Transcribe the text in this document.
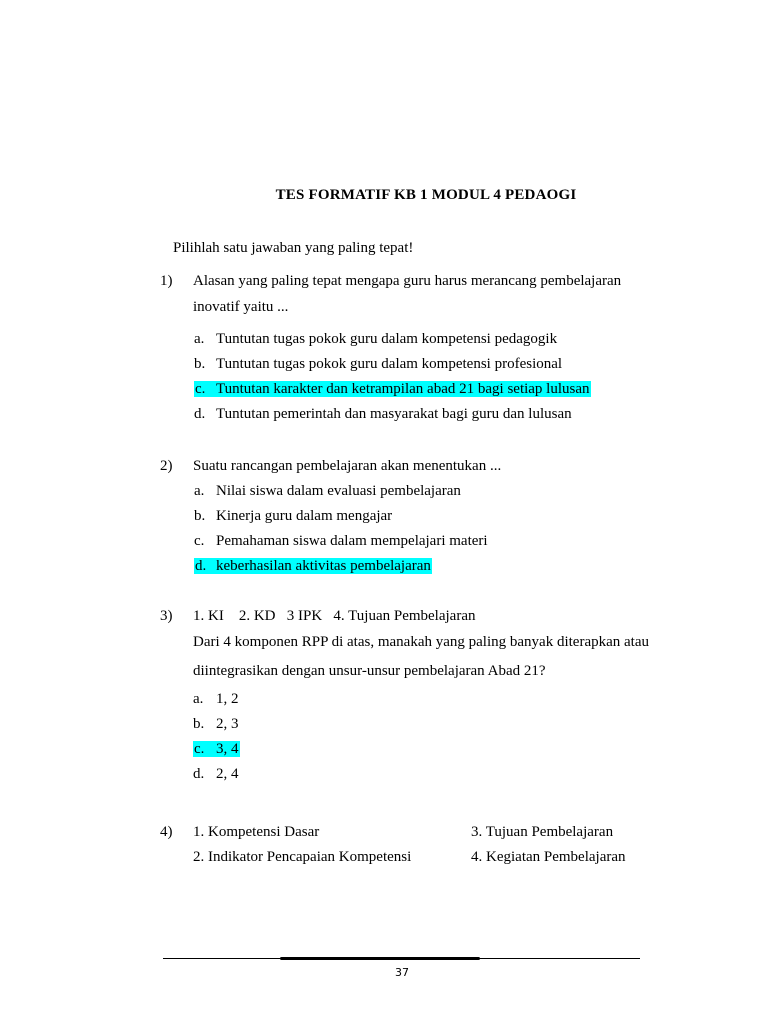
TES FORMATIF KB 1 MODUL 4 PEDAOGI
Pilihlah satu jawaban yang paling tepat!
1) Alasan yang paling tepat mengapa guru harus merancang pembelajaran
inovatif yaitu ...
a. Tuntutan tugas pokok guru dalam kompetensi pedagogik
b. Tuntutan tugas pokok guru dalam kompetensi profesional
c. Tuntutan karakter dan ketrampilan abad 21 bagi setiap lulusan
d. Tuntutan pemerintah dan masyarakat bagi guru dan lulusan
2) Suatu rancangan pembelajaran akan menentukan ...
a. Nilai siswa dalam evaluasi pembelajaran
b. Kinerja guru dalam mengajar
c. Pemahaman siswa dalam mempelajari materi
d. keberhasilan aktivitas pembelajaran
3) 1. KI    2. KD   3 IPK   4. Tujuan Pembelajaran
Dari 4 komponen RPP di atas, manakah yang paling banyak diterapkan atau
diintegrasikan dengan unsur-unsur pembelajaran Abad 21?
a. 1, 2
b. 2, 3
c. 3, 4
d. 2, 4
4) 1. Kompetensi Dasar	3. Tujuan Pembelajaran
2. Indikator Pencapaian Kompetensi	4. Kegiatan Pembelajaran
37
